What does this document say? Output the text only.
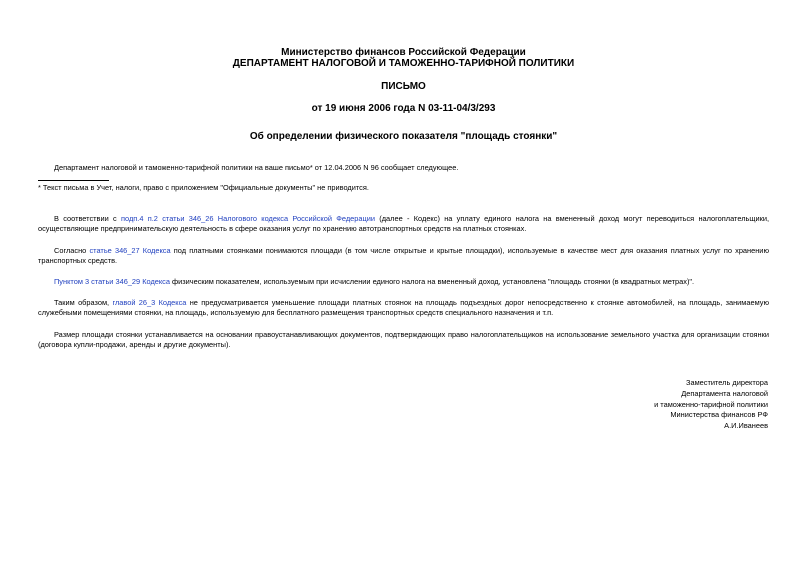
Министерство финансов Российской Федерации
ДЕПАРТАМЕНТ НАЛОГОВОЙ И ТАМОЖЕННО-ТАРИФНОЙ ПОЛИТИКИ
ПИСЬМО
от 19 июня 2006 года N 03-11-04/3/293
Об определении физического показателя "площадь стоянки"
Департамент налоговой и таможенно-тарифной политики на ваше письмо* от 12.04.2006 N 96 сообщает следующее.
* Текст письма в Учет, налоги, право с приложением "Официальные документы" не приводится.
В соответствии с подп.4 п.2 статьи 346_26 Налогового кодекса Российской Федерации (далее - Кодекс) на уплату единого налога на вмененный доход могут переводиться налогоплательщики, осуществляющие предпринимательскую деятельность в сфере оказания услуг по хранению автотранспортных средств на платных стоянках.
Согласно статье 346_27 Кодекса под платными стоянками понимаются площади (в том числе открытые и крытые площадки), используемые в качестве мест для оказания платных услуг по хранению транспортных средств.
Пунктом 3 статьи 346_29 Кодекса физическим показателем, используемым при исчислении единого налога на вмененный доход, установлена "площадь стоянки (в квадратных метрах)".
Таким образом, главой 26_3 Кодекса не предусматривается уменьшение площади платных стоянок на площадь подъездных дорог непосредственно к стоянке автомобилей, на площадь, занимаемую служебными помещениями стоянки, на площадь, используемую для бесплатного размещения транспортных средств специального назначения и т.п.
Размер площади стоянки устанавливается на основании правоустанавливающих документов, подтверждающих право налогоплательщиков на использование земельного участка для организации стоянки (договора купли-продажи, аренды и другие документы).
Заместитель директора
Департамента налоговой
и таможенно-тарифной политики
Министерства финансов РФ
А.И.Иванеев
